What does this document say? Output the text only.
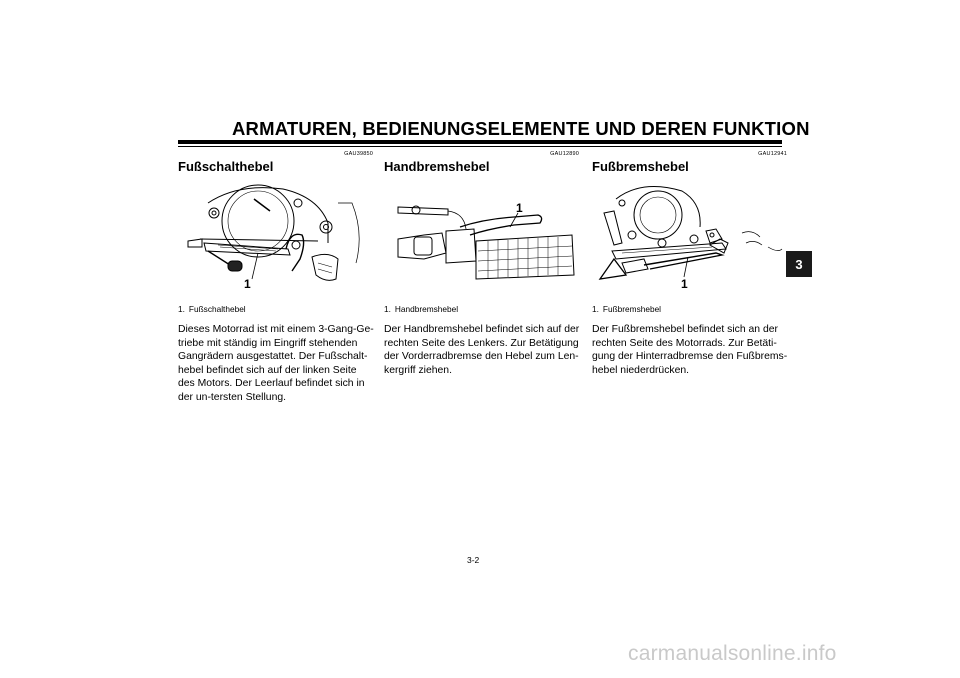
ARMATUREN, BEDIENUNGSELEMENTE UND DEREN FUNKTION
3
GAU39850
Fußschalthebel
1
1. Fußschalthebel
Dieses Motorrad ist mit einem 3-Gang-Ge-triebe mit ständig im Eingriff stehenden Gangrädern ausgestattet. Der Fußschalt-hebel befindet sich auf der linken Seite des Motors. Der Leerlauf befindet sich in der un-tersten Stellung.
GAU12890
Handbremshebel
1
1. Handbremshebel
Der Handbremshebel befindet sich auf der rechten Seite des Lenkers. Zur Betätigung der Vorderradbremse den Hebel zum Len-kergriff ziehen.
GAU12941
Fußbremshebel
1
1. Fußbremshebel
Der Fußbremshebel befindet sich an der rechten Seite des Motorrads. Zur Betäti-gung der Hinterradbremse den Fußbrems-hebel niederdrücken.
3-2
carmanualsonline.info
